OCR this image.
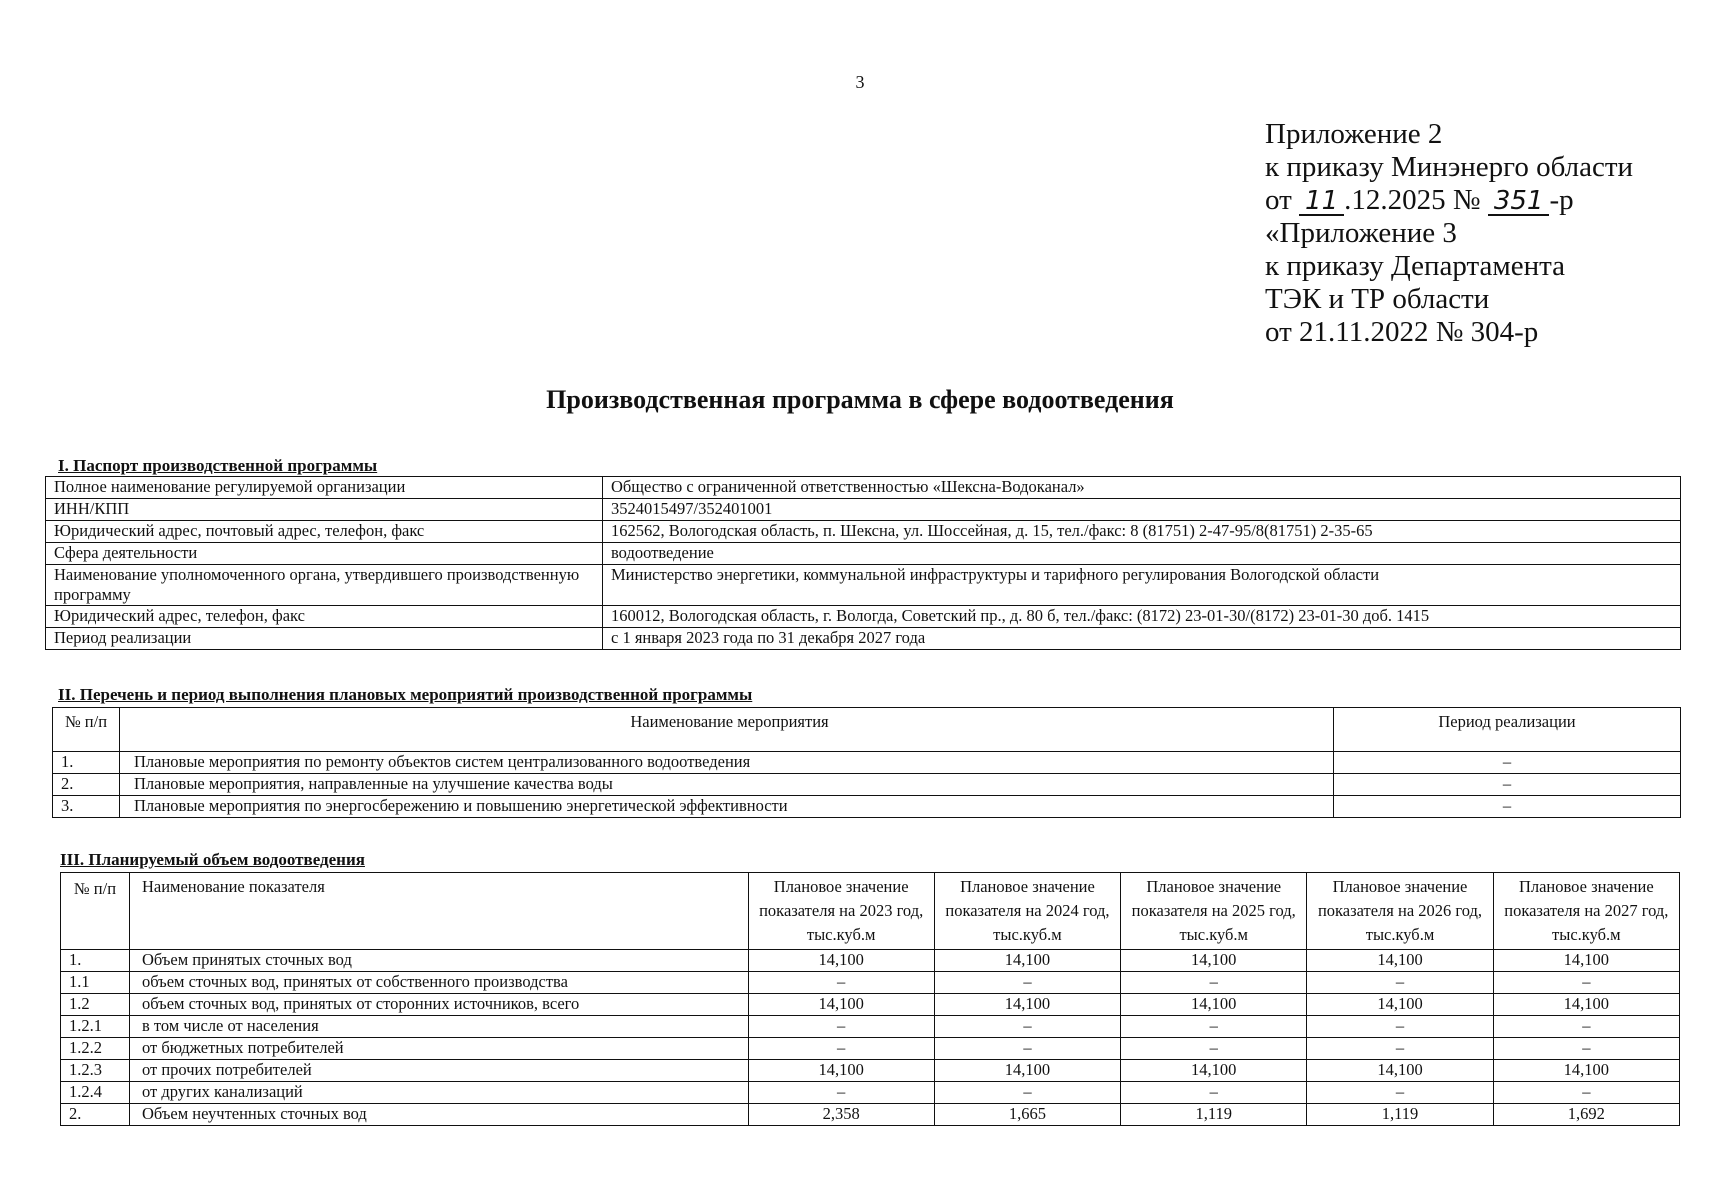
3
Приложение 2
к приказу Минэнерго области
от 11 .12.2025 № 351 -р
«Приложение 3
к приказу Департамента
ТЭК и ТР области
от 21.11.2022 № 304-р
Производственная программа в сфере водоотведения
I. Паспорт производственной программы
Полное наименование регулируемой организации	Общество с ограниченной ответственностью «Шексна-Водоканал»
ИНН/КПП	3524015497/352401001
Юридический адрес, почтовый адрес, телефон, факс	162562, Вологодская область, п. Шексна, ул. Шоссейная, д. 15, тел./факс: 8 (81751) 2-47-95/8(81751) 2-35-65
Сфера деятельности	водоотведение
Наименование уполномоченного органа, утвердившего производственную программу	Министерство энергетики, коммунальной инфраструктуры и тарифного регулирования Вологодской области
Юридический адрес, телефон, факс	160012, Вологодская область, г. Вологда, Советский пр., д. 80 б, тел./факс: (8172) 23-01-30/(8172) 23-01-30 доб. 1415
Период реализации	с 1 января 2023 года по 31 декабря 2027 года
II. Перечень и период выполнения плановых мероприятий производственной программы
№ п/п	Наименование мероприятия	Период реализации
1.	Плановые мероприятия по ремонту объектов систем централизованного водоотведения	–
2.	Плановые мероприятия, направленные на улучшение качества воды	–
3.	Плановые мероприятия по энергосбережению и повышению энергетической эффективности	–
III. Планируемый объем водоотведения
№ п/п	Наименование показателя	Плановое значение показателя на 2023 год, тыс.куб.м	Плановое значение показателя на 2024 год, тыс.куб.м	Плановое значение показателя на 2025 год, тыс.куб.м	Плановое значение показателя на 2026 год, тыс.куб.м	Плановое значение показателя на 2027 год, тыс.куб.м
1.	Объем принятых сточных вод	14,100	14,100	14,100	14,100	14,100
1.1	объем сточных вод, принятых от собственного производства	–	–	–	–	–
1.2	объем сточных вод, принятых от сторонних источников, всего	14,100	14,100	14,100	14,100	14,100
1.2.1	в том числе от населения	–	–	–	–	–
1.2.2	от бюджетных потребителей	–	–	–	–	–
1.2.3	от прочих потребителей	14,100	14,100	14,100	14,100	14,100
1.2.4	от других канализаций	–	–	–	–	–
2.	Объем неучтенных сточных вод	2,358	1,665	1,119	1,119	1,692
